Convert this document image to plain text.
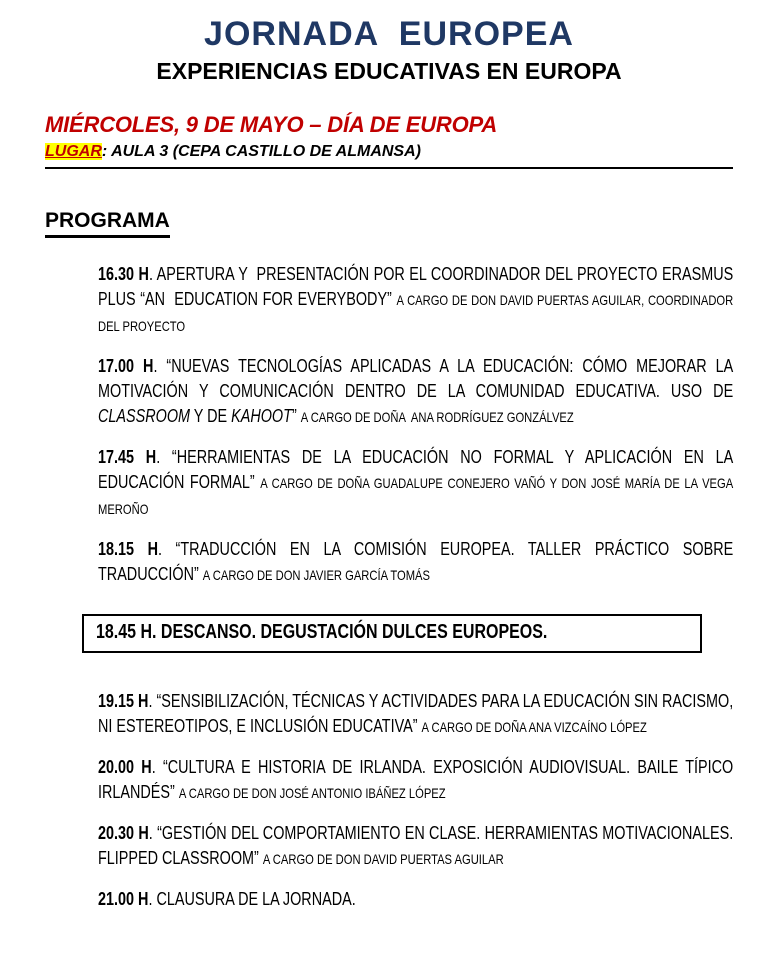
JORNADA  EUROPEA
EXPERIENCIAS EDUCATIVAS EN EUROPA
MIÉRCOLES, 9 DE MAYO – DÍA DE EUROPA
LUGAR: AULA 3 (CEPA CASTILLO DE ALMANSA)
PROGRAMA

16.30 H. APERTURA Y  PRESENTACIÓN POR EL COORDINADOR DEL PROYECTO ERASMUS PLUS “AN  EDUCATION FOR EVERYBODY” A CARGO DE DON DAVID PUERTAS AGUILAR, COORDINADOR DEL PROYECTO

17.00 H. “NUEVAS TECNOLOGÍAS APLICADAS A LA EDUCACIÓN: CÓMO MEJORAR LA MOTIVACIÓN Y COMUNICACIÓN DENTRO DE LA COMUNIDAD EDUCATIVA. USO DE CLASSROOM Y DE KAHOOT” A CARGO DE DOÑA  ANA RODRÍGUEZ GONZÁLVEZ

17.45 H. “HERRAMIENTAS DE LA EDUCACIÓN NO FORMAL Y APLICACIÓN EN LA EDUCACIÓN FORMAL” A CARGO DE DOÑA GUADALUPE CONEJERO VAÑÓ Y DON JOSÉ MARÍA DE LA VEGA MEROÑO

18.15 H. “TRADUCCIÓN EN LA COMISIÓN EUROPEA. TALLER PRÁCTICO SOBRE TRADUCCIÓN” A CARGO DE DON JAVIER GARCÍA TOMÁS

18.45 H. DESCANSO. DEGUSTACIÓN DULCES EUROPEOS.

19.15 H. “SENSIBILIZACIÓN, TÉCNICAS Y ACTIVIDADES PARA LA EDUCACIÓN SIN RACISMO, NI ESTEREOTIPOS, E INCLUSIÓN EDUCATIVA” A CARGO DE DOÑA ANA VIZCAÍNO LÓPEZ

20.00 H. “CULTURA E HISTORIA DE IRLANDA. EXPOSICIÓN AUDIOVISUAL. BAILE TÍPICO IRLANDÉS” A CARGO DE DON JOSÉ ANTONIO IBÁÑEZ LÓPEZ

20.30 H. “GESTIÓN DEL COMPORTAMIENTO EN CLASE. HERRAMIENTAS MOTIVACIONALES. FLIPPED CLASSROOM” A CARGO DE DON DAVID PUERTAS AGUILAR

21.00 H. CLAUSURA DE LA JORNADA.
